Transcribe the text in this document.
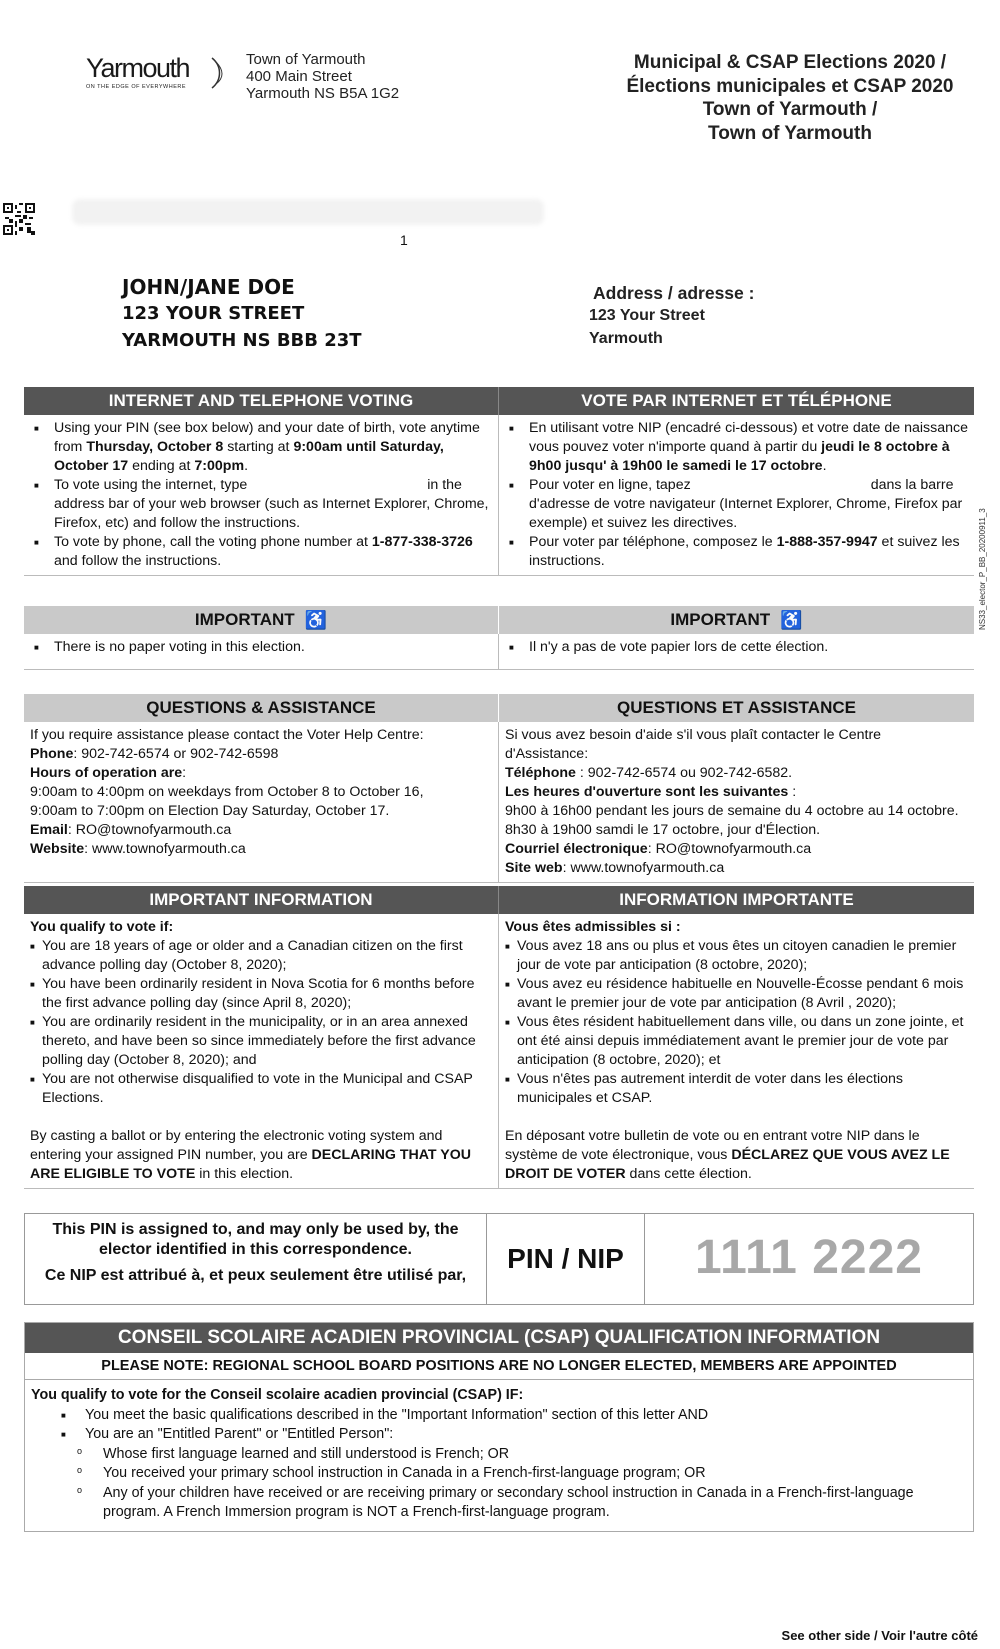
Yarmouth
ON THE EDGE OF EVERYWHERE
Town of Yarmouth
400 Main Street
Yarmouth NS B5A 1G2
Municipal & CSAP Elections 2020 /
Élections municipales et CSAP 2020
Town of Yarmouth /
Town of Yarmouth
1
JOHN/JANE DOE
123 YOUR STREET
YARMOUTH NS BBB 23T
Address / adresse :
123 Your Street
Yarmouth
INTERNET AND TELEPHONE VOTING	VOTE PAR INTERNET ET TÉLÉPHONE
■ Using your PIN (see box below) and your date of birth, vote anytime from Thursday, October 8 starting at 9:00am until Saturday, October 17 ending at 7:00pm.
■ To vote using the internet, type	in the address bar of your web browser (such as Internet Explorer, Chrome, Firefox, etc) and follow the instructions.
■ To vote by phone, call the voting phone number at 1-877-338-3726 and follow the instructions.
■ En utilisant votre NIP (encadré ci-dessous) et votre date de naissance vous pouvez voter n'importe quand à partir du jeudi le 8 octobre à 9h00 jusqu' à 19h00 le samedi le 17 octobre.
■ Pour voter en ligne, tapez	dans la barre d'adresse de votre navigateur (Internet Explorer, Chrome, Firefox par exemple) et suivez les directives.
■ Pour voter par téléphone, composez le 1-888-357-9947 et suivez les instructions.
IMPORTANT ♿	IMPORTANT ♿
■ There is no paper voting in this election.
■	Il n'y a pas de vote papier lors de cette élection.
QUESTIONS & ASSISTANCE	QUESTIONS ET ASSISTANCE
If you require assistance please contact the Voter Help Centre:
Phone: 902-742-6574 or 902-742-6598
Hours of operation are:
9:00am to 4:00pm on weekdays from October 8 to October 16,
9:00am to 7:00pm on Election Day Saturday, October 17.
Email: RO@townofyarmouth.ca
Website: www.townofyarmouth.ca
Si vous avez besoin d'aide s'il vous plaît contacter le Centre d'Assistance:
Téléphone : 902-742-6574 ou 902-742-6582.
Les heures d'ouverture sont les suivantes :
9h00 à 16h00 pendant les jours de semaine du 4 octobre au 14 octobre.
8h30 à 19h00 samdi le 17 octobre, jour d'Élection.
Courriel électronique: RO@townofyarmouth.ca
Site web: www.townofyarmouth.ca
IMPORTANT INFORMATION	INFORMATION IMPORTANTE
You qualify to vote if:
■ You are 18 years of age or older and a Canadian citizen on the first advance polling day (October 8, 2020);
■ You have been ordinarily resident in Nova Scotia for 6 months before the first advance polling day (since April 8, 2020);
■ You are ordinarily resident in the municipality, or in an area annexed thereto, and have been so since immediately before the first advance polling day (October 8, 2020); and
■ You are not otherwise disqualified to vote in the Municipal and CSAP Elections.
By casting a ballot or by entering the electronic voting system and entering your assigned PIN number, you are DECLARING THAT YOU ARE ELIGIBLE TO VOTE in this election.
Vous êtes admissibles si :
■ Vous avez 18 ans ou plus et vous êtes un citoyen canadien le premier jour de vote par anticipation (8 octobre, 2020);
■ Vous avez eu résidence habituelle en Nouvelle-Écosse pendant 6 mois avant le premier jour de vote par anticipation (8 Avril , 2020);
■ Vous êtes résident habituellement dans ville, ou dans un zone jointe, et ont été ainsi depuis immédiatement avant le premier jour de vote par anticipation (8 octobre, 2020); et
■ Vous n'êtes pas autrement interdit de voter dans les élections municipales et CSAP.
En déposant votre bulletin de vote ou en entrant votre NIP dans le système de vote électronique, vous DÉCLAREZ QUE VOUS AVEZ LE DROIT DE VOTER dans cette élection.
This PIN is assigned to, and may only be used by, the elector identified in this correspondence.
Ce NIP est attribué à, et peux seulement être utilisé par,
PIN / NIP	1111 2222
CONSEIL SCOLAIRE ACADIEN PROVINCIAL (CSAP) QUALIFICATION INFORMATION
PLEASE NOTE: REGIONAL SCHOOL BOARD POSITIONS ARE NO LONGER ELECTED, MEMBERS ARE APPOINTED
You qualify to vote for the Conseil scolaire acadien provincial (CSAP) IF:
■ You meet the basic qualifications described in the "Important Information" section of this letter AND
■ You are an "Entitled Parent" or "Entitled Person":
o Whose first language learned and still understood is French; OR
o You received your primary school instruction in Canada in a French-first-language program; OR
o Any of your children have received or are receiving primary or secondary school instruction in Canada in a French-first-language program. A French Immersion program is NOT a French-first-language program.
NS33_elector_P_BB_20200911_3
See other side / Voir l'autre côté
